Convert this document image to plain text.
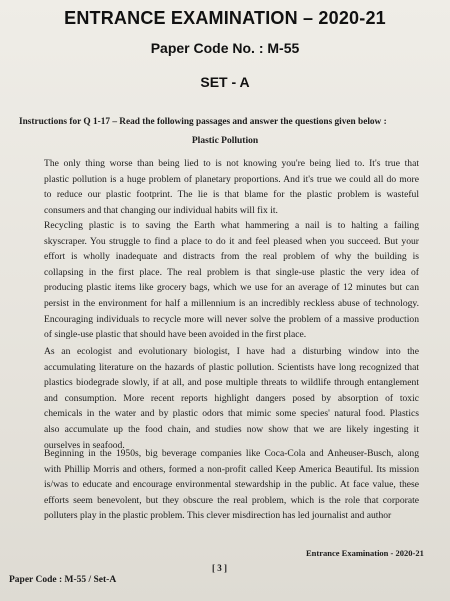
ENTRANCE EXAMINATION – 2020-21
Paper Code No. : M-55
SET - A
Instructions for Q 1-17 – Read the following passages and answer the questions given below :
Plastic Pollution
The only thing worse than being lied to is not knowing you're being lied to. It's true that
plastic pollution is a huge problem of planetary proportions. And it's true we could all do more
to reduce our plastic footprint. The lie is that blame for the plastic problem is wasteful
consumers and that changing our individual habits will fix it.
Recycling plastic is to saving the Earth what hammering a nail is to halting a failing
skyscraper. You struggle to find a place to do it and feel pleased when you succeed. But your
effort is wholly inadequate and distracts from the real problem of why the building is
collapsing in the first place. The real problem is that single-use plastic the very idea of
producing plastic items like grocery bags, which we use for an average of 12 minutes but can
persist in the environment for half a millennium is an incredibly reckless abuse of technology.
Encouraging individuals to recycle more will never solve the problem of a massive production
of single-use plastic that should have been avoided in the first place.
As an ecologist and evolutionary biologist, I have had a disturbing window into the
accumulating literature on the hazards of plastic pollution. Scientists have long recognized that
plastics biodegrade slowly, if at all, and pose multiple threats to wildlife through entanglement
and consumption. More recent reports highlight dangers posed by absorption of toxic
chemicals in the water and by plastic odors that mimic some species' natural food. Plastics
also accumulate up the food chain, and studies now show that we are likely ingesting it
ourselves in seafood.
Beginning in the 1950s, big beverage companies like Coca-Cola and Anheuser-Busch, along
with Phillip Morris and others, formed a non-profit called Keep America Beautiful. Its mission
is/was to educate and encourage environmental stewardship in the public. At face value, these
efforts seem benevolent, but they obscure the real problem, which is the role that corporate
polluters play in the plastic problem. This clever misdirection has led journalist and author
Entrance Examination - 2020-21
[ 3 ]
Paper Code : M-55 / Set-A
